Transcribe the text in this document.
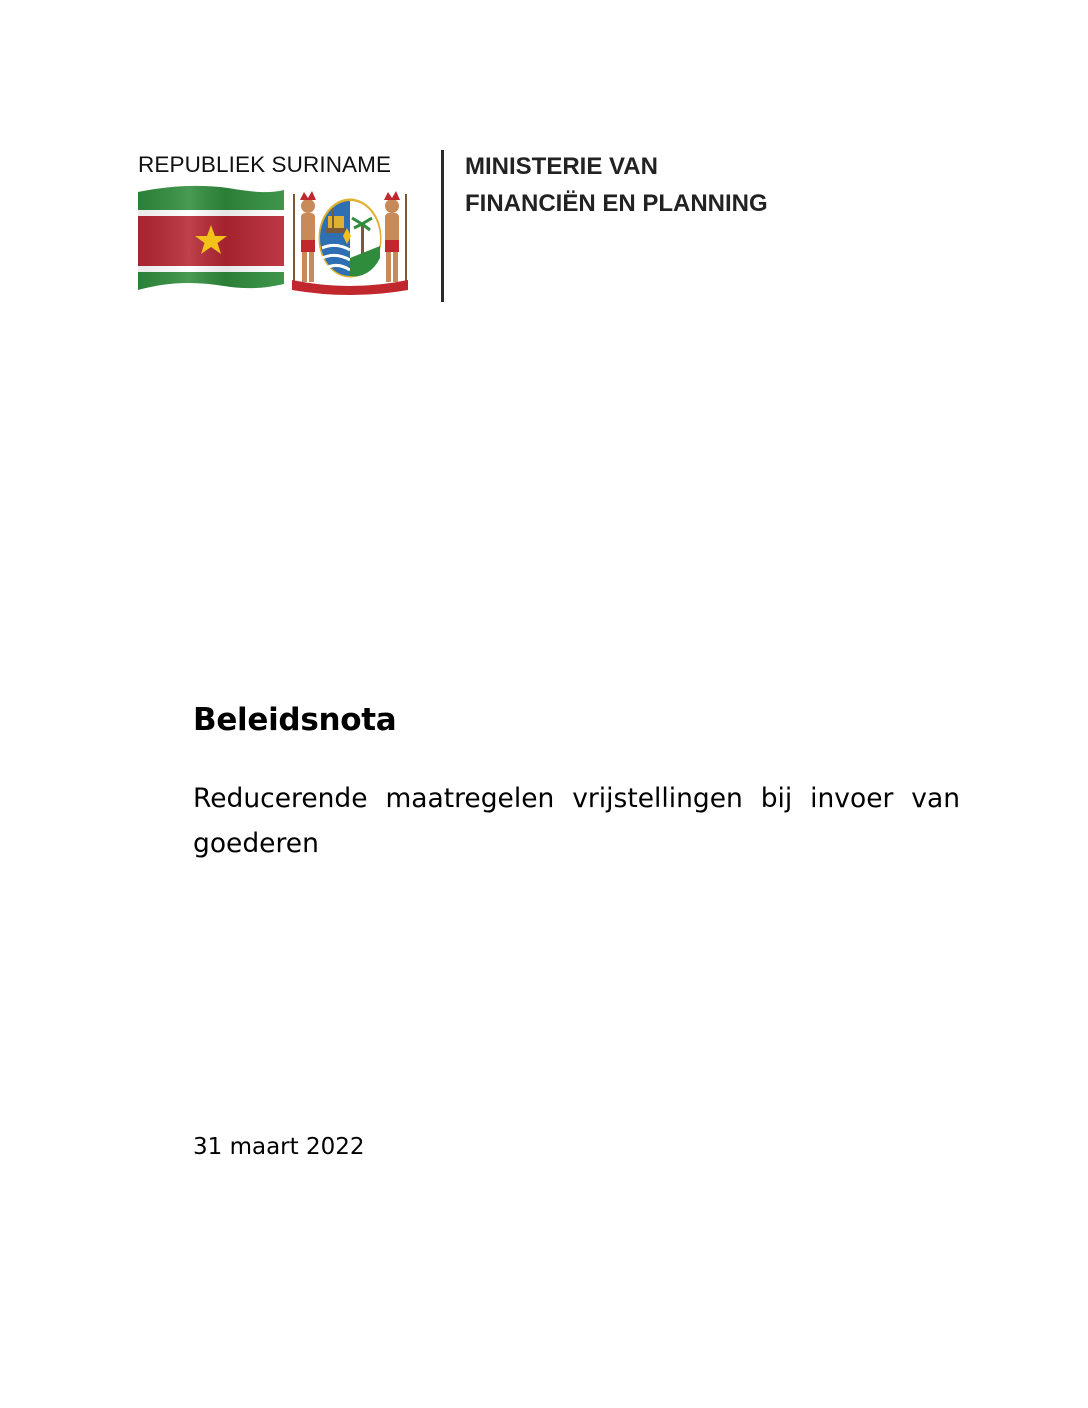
REPUBLIEK SURINAME	MINISTERIE VAN
FINANCIËN EN PLANNING
Beleidsnota

Reducerende maatregelen vrijstellingen bij invoer van goederen

31 maart 2022
